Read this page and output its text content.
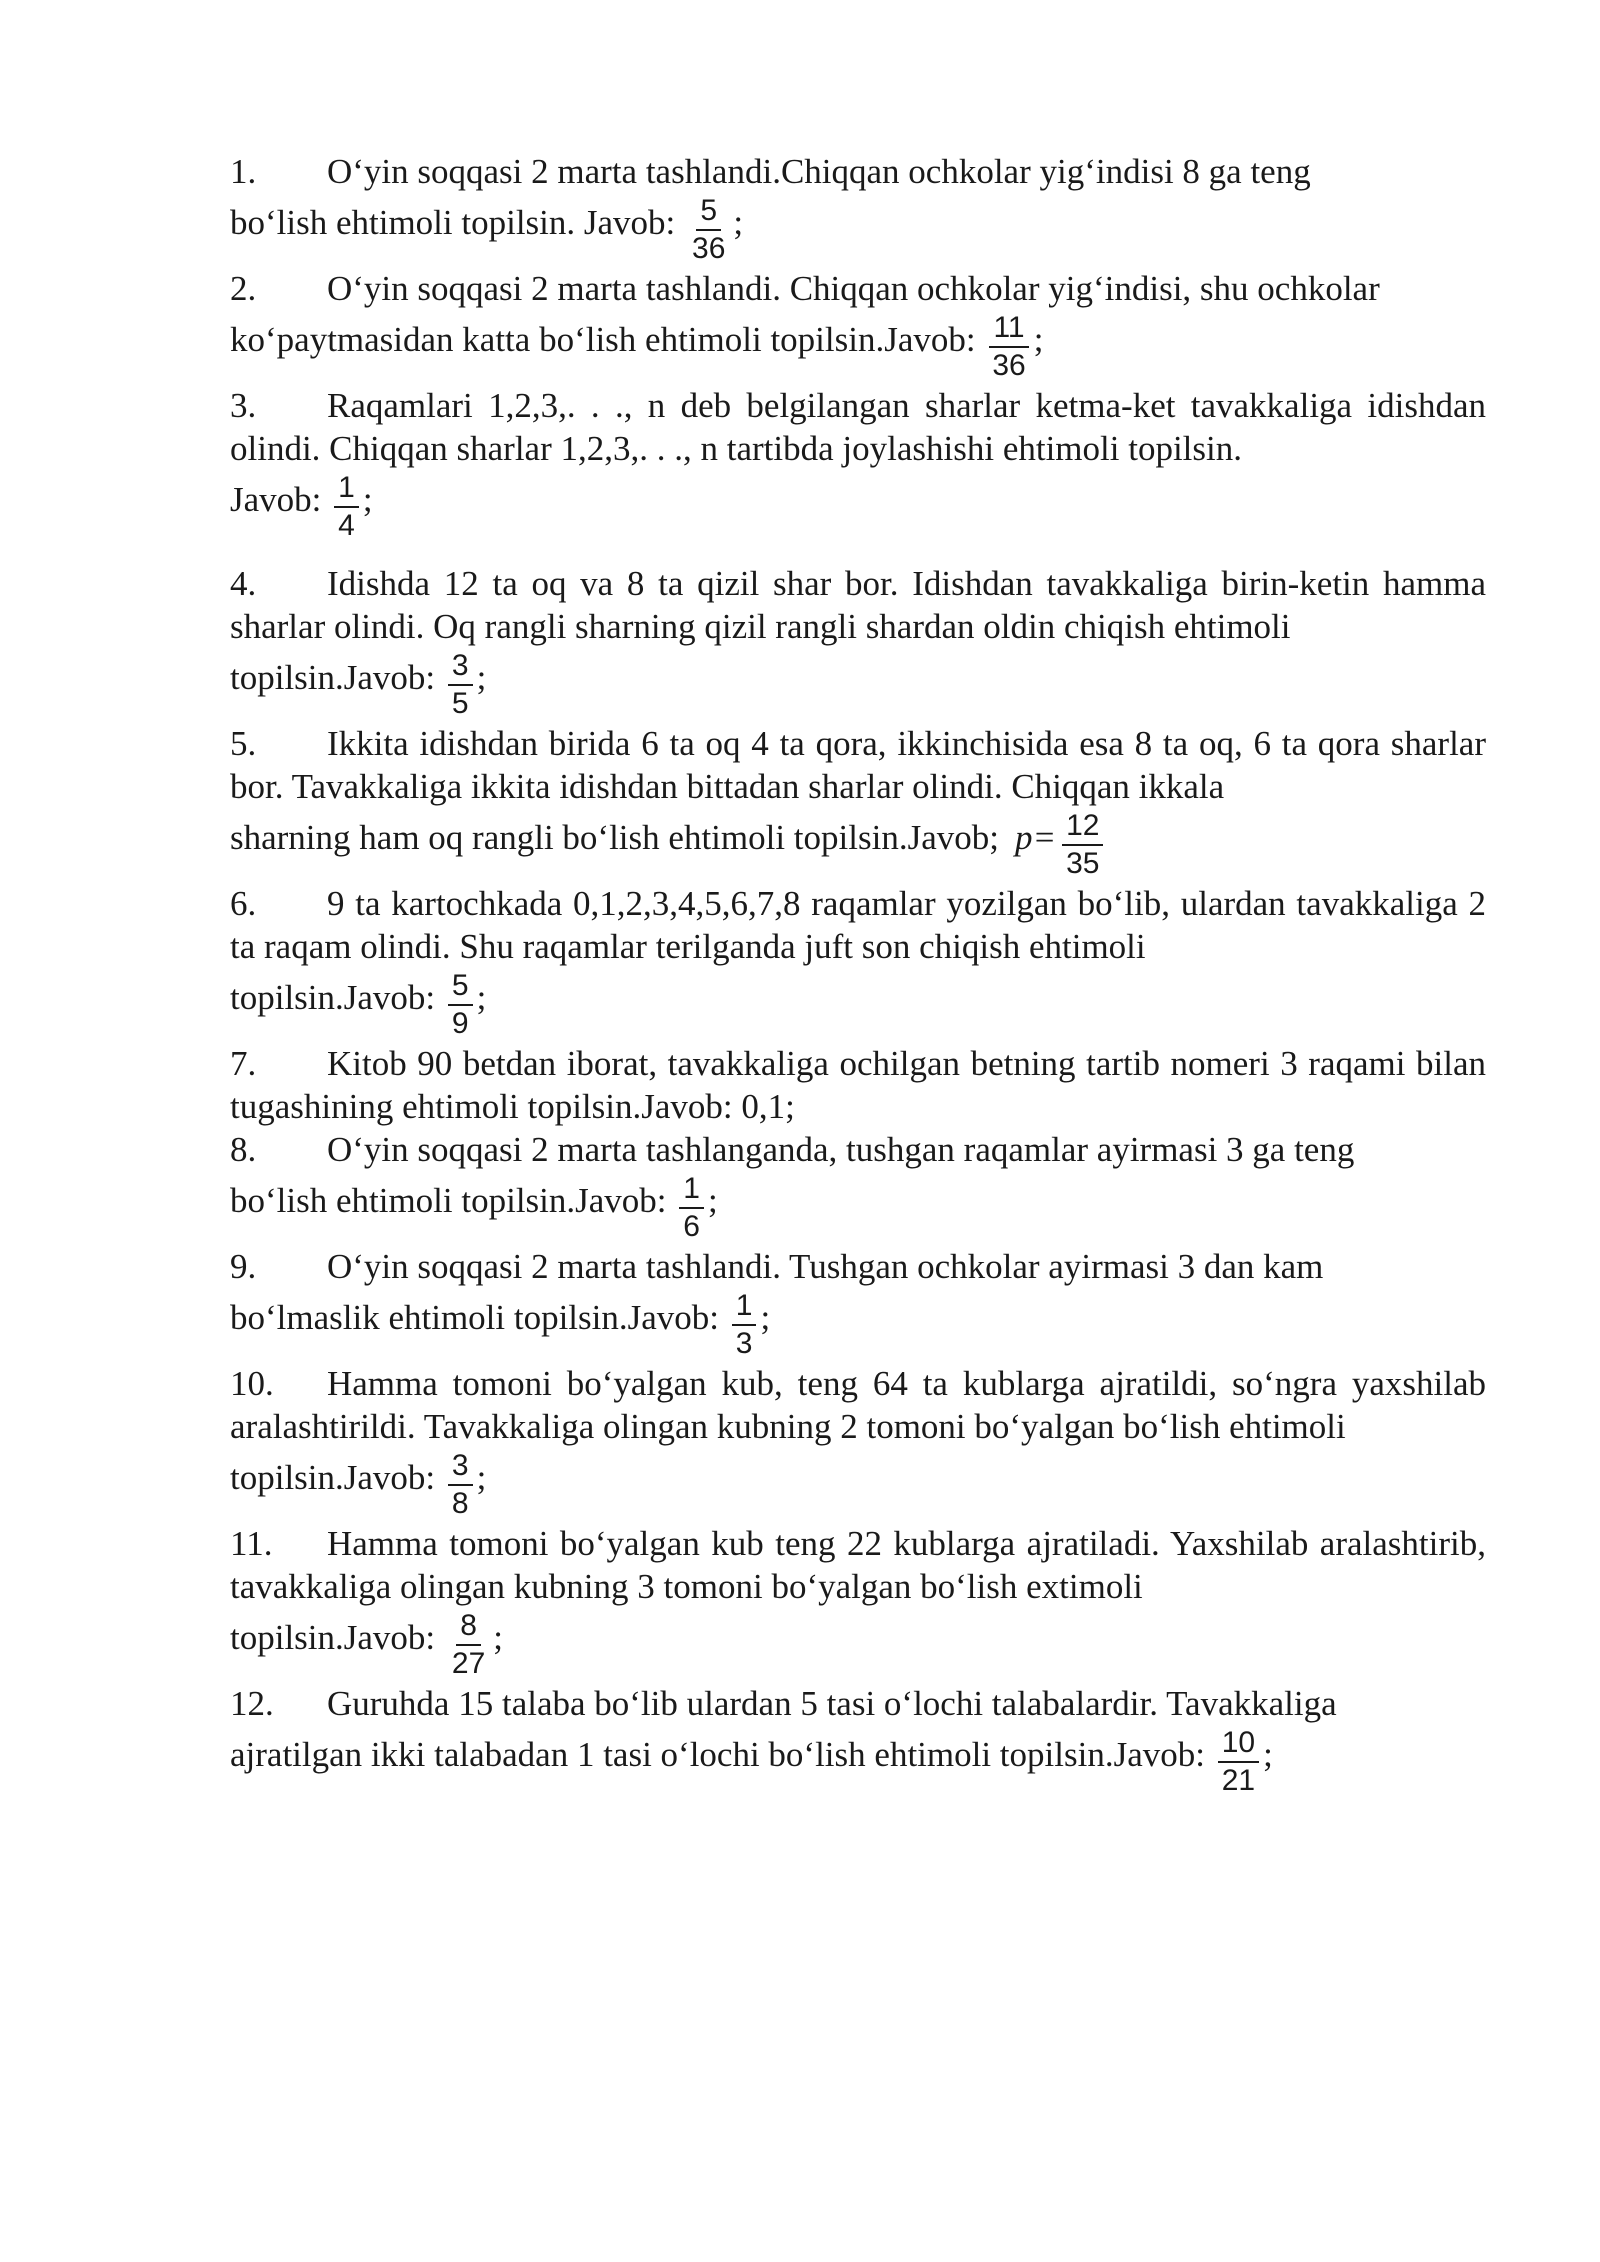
1. O‘yin soqqasi 2 marta tashlandi.Chiqqan ochkolar yig‘indisi 8 ga teng

bo‘lish ehtimoli topilsin. Javob: $\frac{5}{36}$ ;

2. O‘yin soqqasi 2 marta tashlandi. Chiqqan ochkolar yig‘indisi, shu ochkolar

ko‘paytmasidan katta bo‘lish ehtimoli topilsin.Javob: $\frac{11}{36}$ ;

3. Raqamlari 1,2,3,. . ., n deb belgilangan sharlar ketma-ket tavakkaliga idishdan olindi. Chiqqan sharlar 1,2,3,. . ., n tartibda joylashishi ehtimoli topilsin.

Javob: $\frac{1}{4}$ ;

4. Idishda 12 ta oq va 8 ta qizil shar bor. Idishdan tavakkaliga birin-ketin hamma sharlar olindi. Oq rangli sharning qizil rangli shardan oldin chiqish ehtimoli

topilsin.Javob: $\frac{3}{5}$ ;

5. Ikkita idishdan birida 6 ta oq 4 ta qora, ikkinchisida esa 8 ta oq, 6 ta qora sharlar bor. Tavakkaliga ikkita idishdan bittadan sharlar olindi. Chiqqan ikkala

sharning ham oq rangli bo‘lish ehtimoli topilsin.Javob; $p= \frac{12}{35}$

6. 9 ta kartochkada 0,1,2,3,4,5,6,7,8 raqamlar yozilgan bo‘lib, ulardan tavakkaliga 2 ta raqam olindi. Shu raqamlar terilganda juft son chiqish ehtimoli

topilsin.Javob: $\frac{5}{9}$ ;

7. Kitob 90 betdan iborat, tavakkaliga ochilgan betning tartib nomeri 3 raqami bilan tugashining ehtimoli topilsin.Javob: 0,1;

8. O‘yin soqqasi 2 marta tashlanganda, tushgan raqamlar ayirmasi 3 ga teng

bo‘lish ehtimoli topilsin.Javob: $\frac{1}{6}$ ;

9. O‘yin soqqasi 2 marta tashlandi. Tushgan ochkolar ayirmasi 3 dan kam

bo‘lmaslik ehtimoli topilsin.Javob: $\frac{1}{3}$ ;

10. Hamma tomoni bo‘yalgan kub, teng 64 ta kublarga ajratildi, so‘ngra yaxshilab aralashtirildi. Tavakkaliga olingan kubning 2 tomoni bo‘yalgan bo‘lish ehtimoli

topilsin.Javob: $\frac{3}{8}$ ;

11. Hamma tomoni bo‘yalgan kub teng 22 kublarga ajratiladi. Yaxshilab aralashtirib, tavakkaliga olingan kubning 3 tomoni bo‘yalgan bo‘lish extimoli

topilsin.Javob: $\frac{8}{27}$ ;

12. Guruhda 15 talaba bo‘lib ulardan 5 tasi o‘lochi talabalardir. Tavakkaliga

ajratilgan ikki talabadan 1 tasi o‘lochi bo‘lish ehtimoli topilsin.Javob: $\frac{10}{21}$ ;
